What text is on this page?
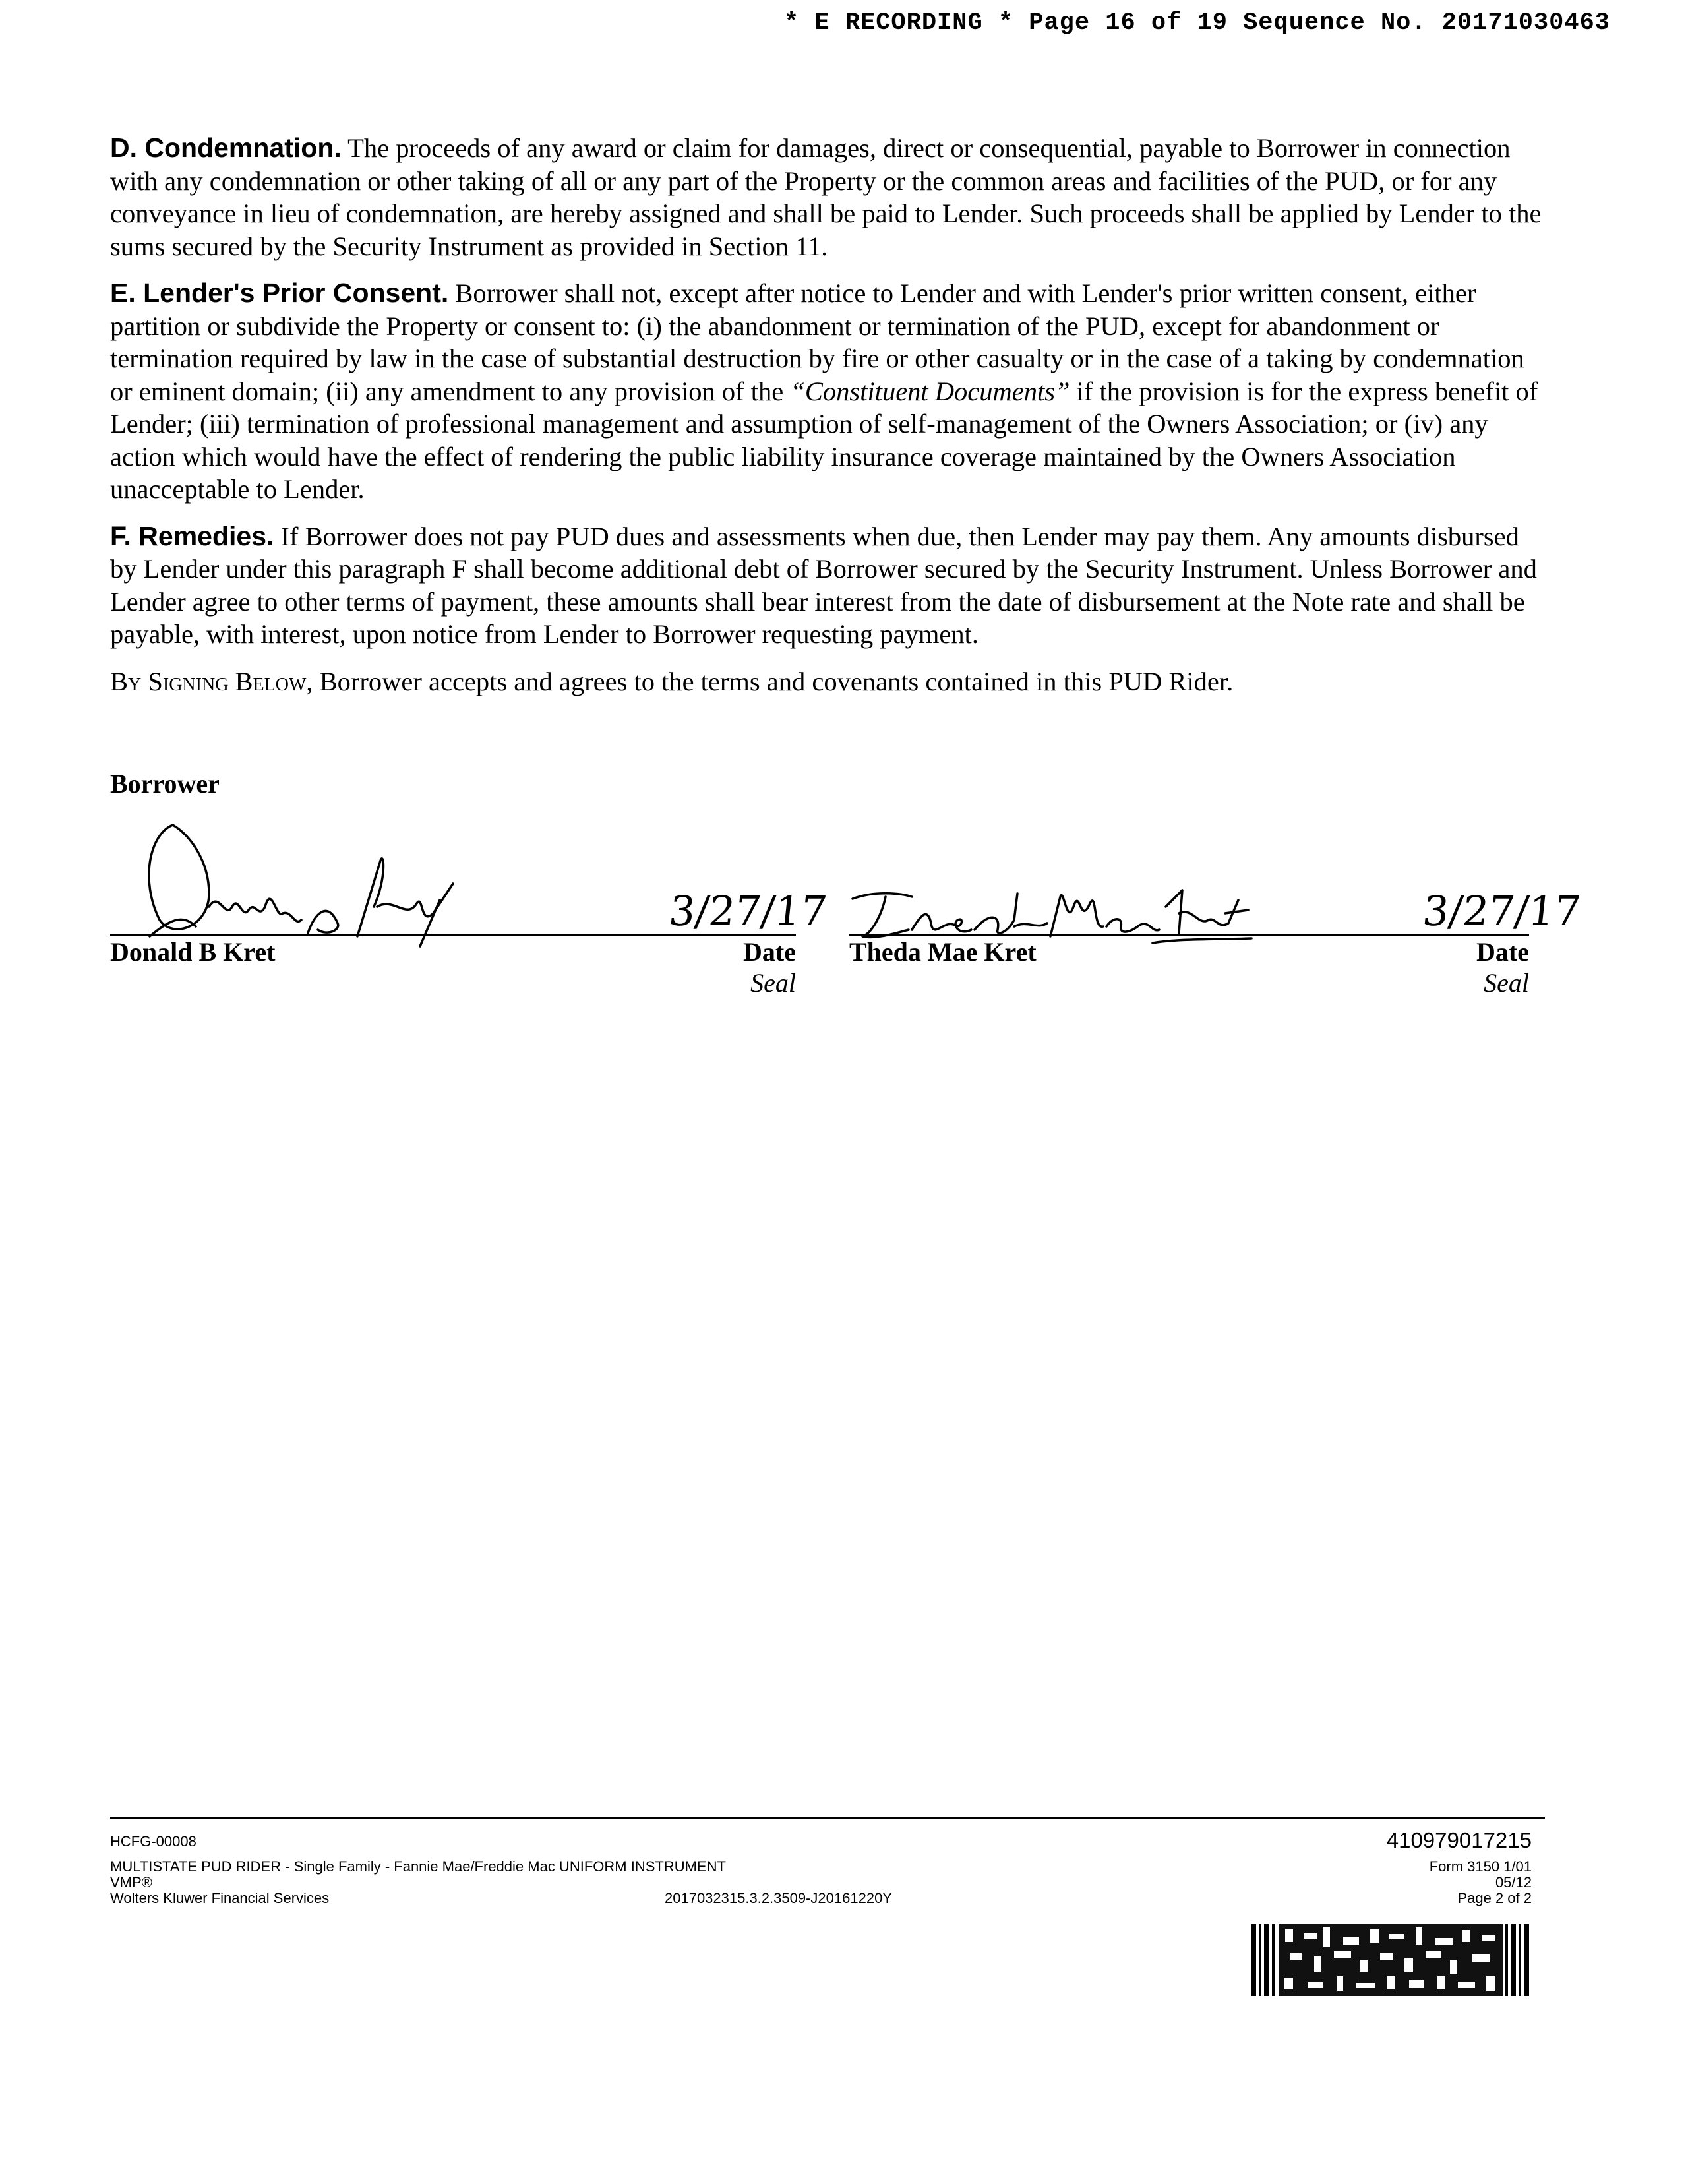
* E RECORDING * Page 16 of 19 Sequence No. 20171030463

D. Condemnation. The proceeds of any award or claim for damages, direct or consequential, payable to Borrower in connection with any condemnation or other taking of all or any part of the Property or the common areas and facilities of the PUD, or for any conveyance in lieu of condemnation, are hereby assigned and shall be paid to Lender. Such proceeds shall be applied by Lender to the sums secured by the Security Instrument as provided in Section 11.

E. Lender's Prior Consent. Borrower shall not, except after notice to Lender and with Lender's prior written consent, either partition or subdivide the Property or consent to: (i) the abandonment or termination of the PUD, except for abandonment or termination required by law in the case of substantial destruction by fire or other casualty or in the case of a taking by condemnation or eminent domain; (ii) any amendment to any provision of the “Constituent Documents” if the provision is for the express benefit of Lender; (iii) termination of professional management and assumption of self-management of the Owners Association; or (iv) any action which would have the effect of rendering the public liability insurance coverage maintained by the Owners Association unacceptable to Lender.

F. Remedies. If Borrower does not pay PUD dues and assessments when due, then Lender may pay them. Any amounts disbursed by Lender under this paragraph F shall become additional debt of Borrower secured by the Security Instrument. Unless Borrower and Lender agree to other terms of payment, these amounts shall bear interest from the date of disbursement at the Note rate and shall be payable, with interest, upon notice from Lender to Borrower requesting payment.

By Signing Below, Borrower accepts and agrees to the terms and covenants contained in this PUD Rider.

Borrower
3/27/17
Donald B Kret	Date
Seal
3/27/17
Theda Mae Kret	Date
Seal
HCFG-00008
MULTISTATE PUD RIDER - Single Family - Fannie Mae/Freddie Mac UNIFORM INSTRUMENT
VMP®
Wolters Kluwer Financial Services	2017032315.3.2.3509-J20161220Y
410979017215
Form 3150 1/01
05/12
Page 2 of 2
